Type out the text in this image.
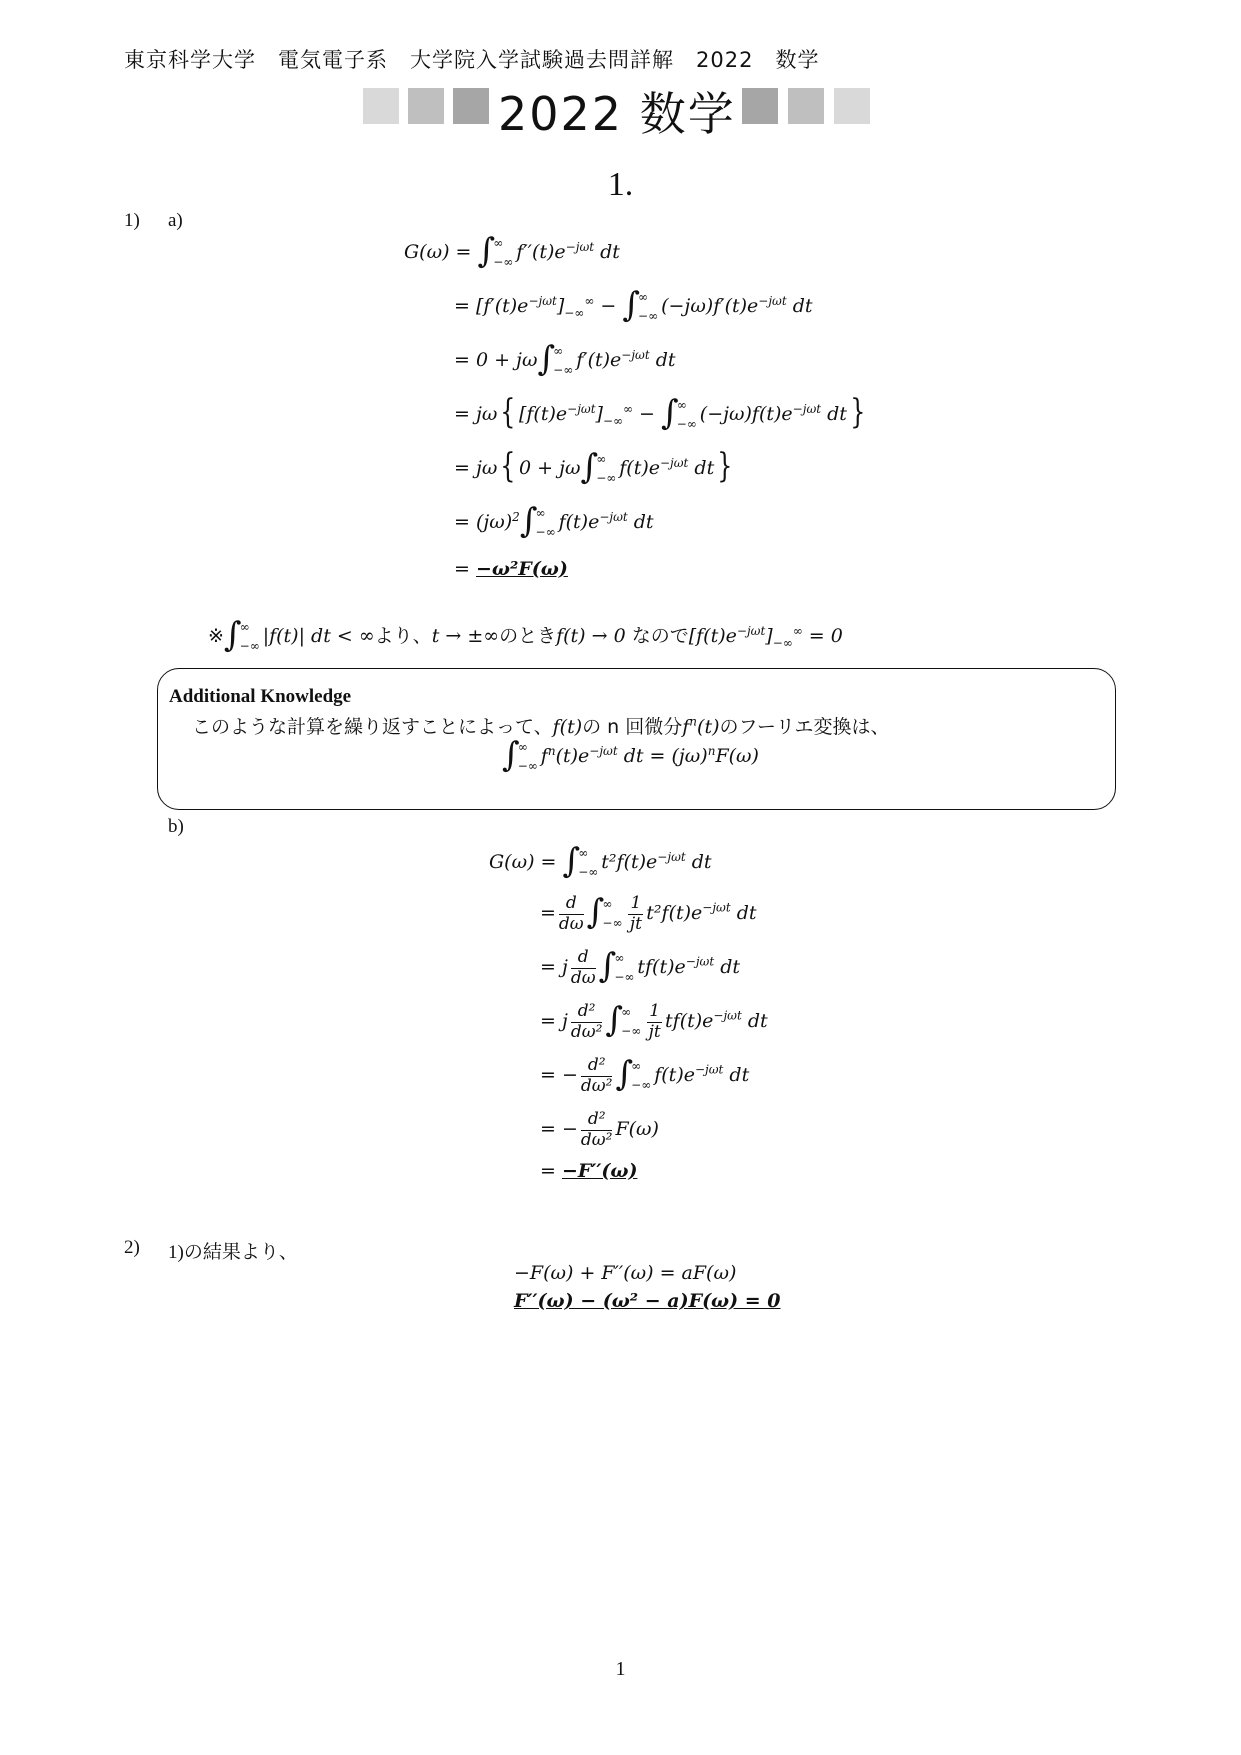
東京科学大学　電気電子系　大学院入学試験過去問詳解　2022　数学
2022 数学
1.
1) a)
G(ω) = ∫∞
−∞ $f''(t)e^{-j\omega t}$ dt
= $[f'(t)e^{-j\omega t}]_{-\infty}^\infty$ − ∫∞
−∞ $(-j\omega)f'(t)e^{-j\omega t}$ dt
= 0 + jω∫∞
−∞ $f'(t)e^{-j\omega t}$ dt
= jω{ $[f(t)e^{-j\omega t}]_{-\infty}^\infty$ − ∫∞
−∞ $(-j\omega)f(t)e^{-j\omega t}$ dt}
= jω{ 0 + jω∫∞
−∞ $f(t)e^{-j\omega t}$ dt}
= $(j\omega)^2\int\infty$
−∞ $f(t)e^{-j\omega t}$ dt
= −ω²F(ω)
※∫∞
−∞ |f(t)| dt < ∞より、t → ±∞のときf(t) → 0 なので$[f(t)e^{-j\omega t}]_{-\infty}^\infty = 0$
Additional Knowledge
このような計算を繰り返すことによって、f(t)の n 回微分$f^n(t)$のフーリエ変換は、
∫∞
−∞ $f^n(t)e^{-j\omega t}$ dt = $(j\omega)^nF(\omega)$
b)
G(ω) = ∫∞
−∞ $t^2f(t)e^{-j\omega t}$ dt
= $\frac{d}{d\omega}$ ∫∞
−∞ $\frac{1}{jt} t^2f(t)e^{-j\omega t}$ dt
= j $\frac{d}{d\omega}$ ∫∞
−∞ $tf(t)e^{-j\omega t}$ dt
= j $\frac{\text{d²}}{\text{dω²}}$ ∫∞
−∞ $\frac{1}{jt} tf(t)e^{-j\omega t}$ dt
= − $\frac{\text{d²}}{\text{dω²}}$ ∫∞
−∞ $f(t)e^{-j\omega t}$ dt
= − $\frac{\text{d²}}{\text{dω²}} F(\omega)$
= −F′′(ω)
2) 1)の結果より、
−F(ω) + F′′(ω) = aF(ω)
F′′(ω) − (ω² − a)F(ω) = 0
1
